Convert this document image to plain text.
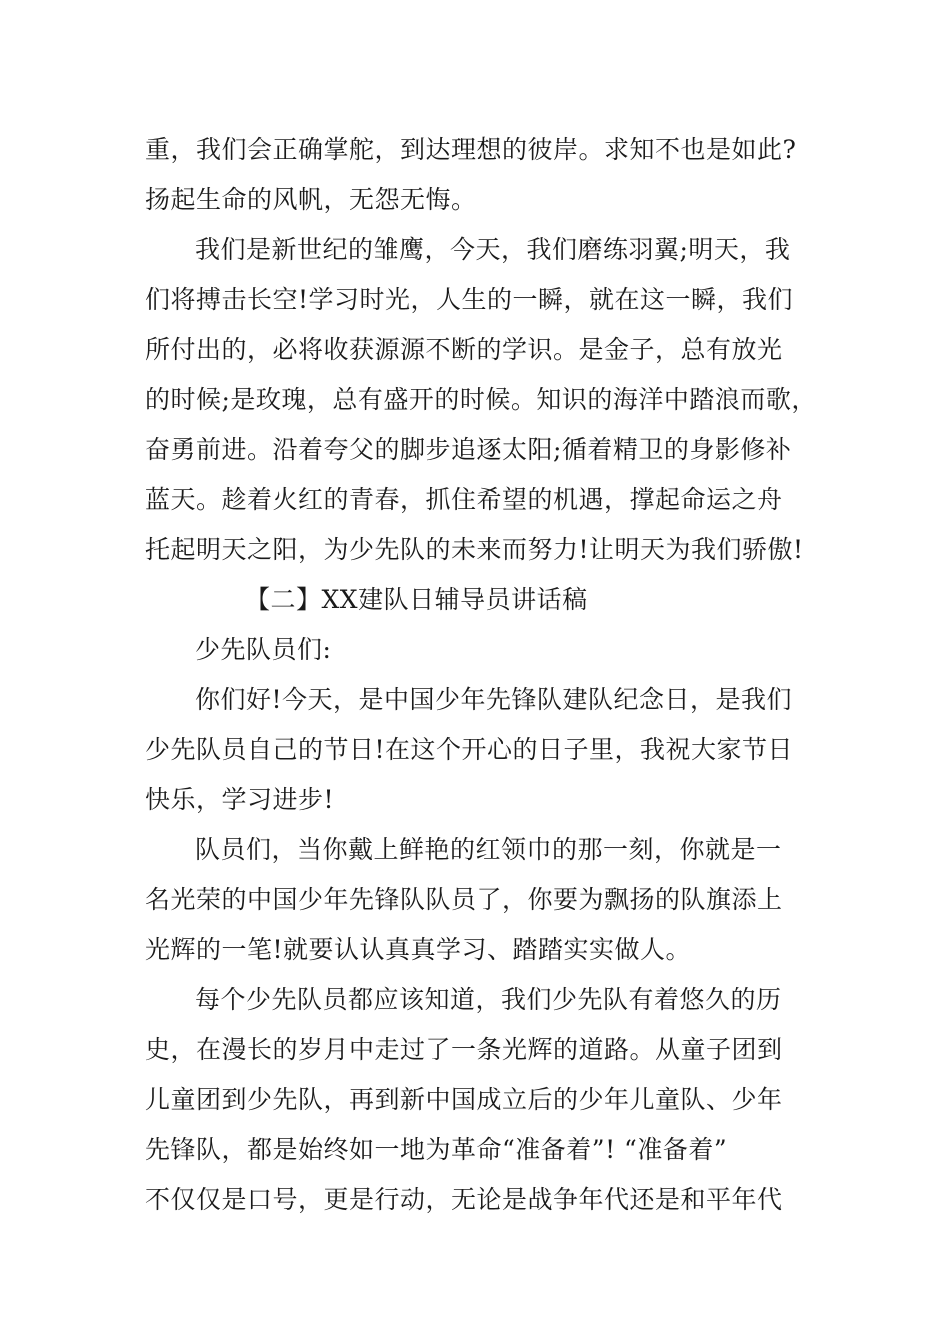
重，我们会正确掌舵，到达理想的彼岸。求知不也是如此?
扬起生命的风帆，无怨无悔。
我们是新世纪的雏鹰，今天，我们磨练羽翼;明天，我
们将搏击长空!学习时光，人生的一瞬，就在这一瞬，我们
所付出的，必将收获源源不断的学识。是金子，总有放光
的时候;是玫瑰，总有盛开的时候。知识的海洋中踏浪而歌，
奋勇前进。沿着夸父的脚步追逐太阳;循着精卫的身影修补
蓝天。趁着火红的青春，抓住希望的机遇，撑起命运之舟
托起明天之阳，为少先队的未来而努力!让明天为我们骄傲!
【二】XX建队日辅导员讲话稿
少先队员们:
你们好!今天，是中国少年先锋队建队纪念日，是我们
少先队员自己的节日!在这个开心的日子里，我祝大家节日
快乐，学习进步!
队员们，当你戴上鲜艳的红领巾的那一刻，你就是一
名光荣的中国少年先锋队队员了，你要为飘扬的队旗添上
光辉的一笔!就要认认真真学习、踏踏实实做人。
每个少先队员都应该知道，我们少先队有着悠久的历
史，在漫长的岁月中走过了一条光辉的道路。从童子团到
儿童团到少先队，再到新中国成立后的少年儿童队、少年
先锋队，都是始终如一地为革命“准备着”! “准备着”
不仅仅是口号，更是行动，无论是战争年代还是和平年代
